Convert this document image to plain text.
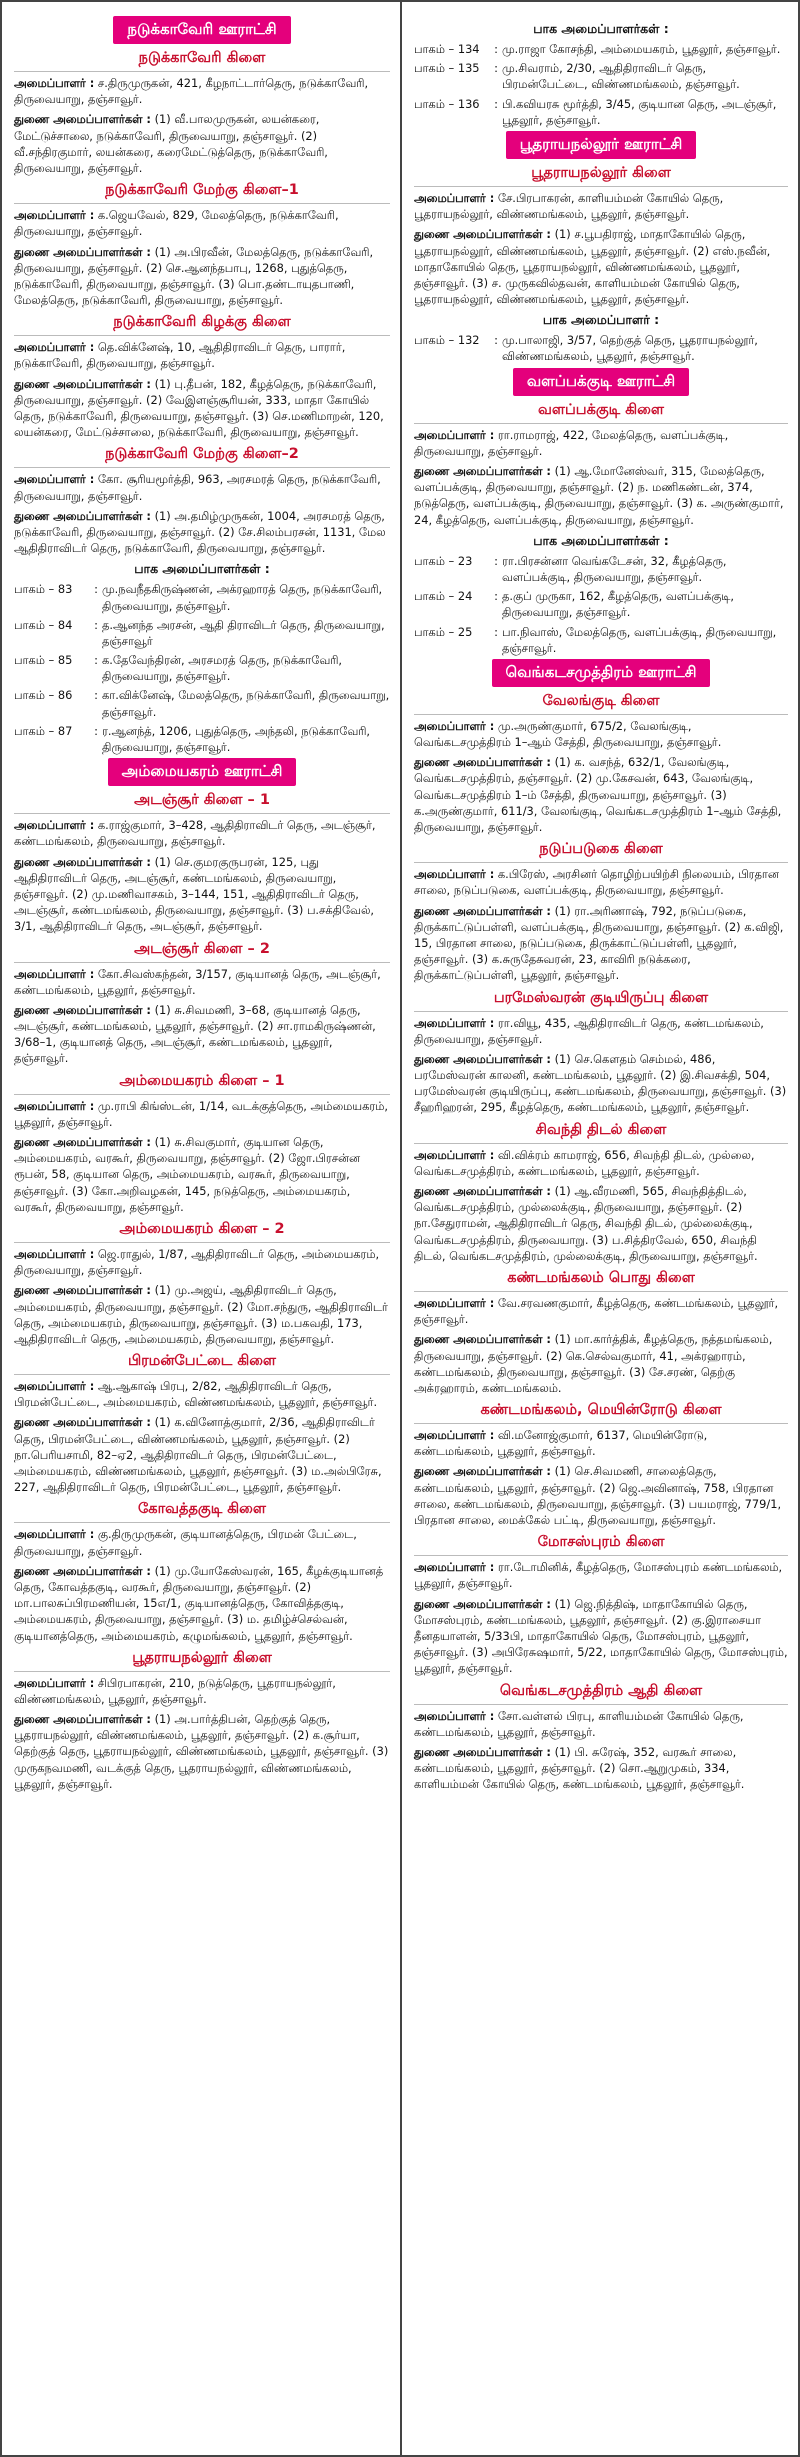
நடுக்காவேரி ஊராட்சி
நடுக்காவேரி கிளை
அமைப்பாளர் : ச.திருமுருகன், 421, கீழநாட்டார்தெரு, நடுக்காவேரி, திருவையாறு, தஞ்சாவூர்.
துணை அமைப்பாளர்கள் : (1) வீ.பாலமுருகன், லயன்கரை, மேட்டுச்சாலை, நடுக்காவேரி, திருவையாறு, தஞ்சாவூர். (2) வீ.சந்திரகுமார், லயன்கரை, கரைமேட்டுத்தெரு, நடுக்காவேரி, திருவையாறு, தஞ்சாவூர்.
நடுக்காவேரி மேற்கு கிளை–1
அமைப்பாளர் : க.ஜெயவேல், 829, மேலத்தெரு, நடுக்காவேரி, திருவையாறு, தஞ்சாவூர்.
துணை அமைப்பாளர்கள் : (1) அ.பிரவீன், மேலத்தெரு, நடுக்காவேரி, திருவையாறு, தஞ்சாவூர். (2) செ.ஆனந்தபாபு, 1268, புதுத்தெரு, நடுக்காவேரி, திருவையாறு, தஞ்சாவூர். (3) பொ.தண்டாயுதபாணி, மேலத்தெரு, நடுக்காவேரி, திருவையாறு, தஞ்சாவூர்.
நடுக்காவேரி கிழக்கு கிளை
அமைப்பாளர் : தெ.விக்னேஷ், 10, ஆதிதிராவிடர் தெரு, பாரார், நடுக்காவேரி, திருவையாறு, தஞ்சாவூர்.
துணை அமைப்பாளர்கள் : (1) பு.தீபன், 182, கீழத்தெரு, நடுக்காவேரி, திருவையாறு, தஞ்சாவூர். (2) வேஇளஞ்சூரியன், 333, மாதா கோயில் தெரு, நடுக்காவேரி, திருவையாறு, தஞ்சாவூர். (3) செ.மணிமாறன், 120, லயன்கரை, மேட்டுச்சாலை, நடுக்காவேரி, திருவையாறு, தஞ்சாவூர்.
நடுக்காவேரி மேற்கு கிளை–2
அமைப்பாளர் : கோ. சூரியமூர்த்தி, 963, அரசமரத் தெரு, நடுக்காவேரி, திருவையாறு, தஞ்சாவூர்.
துணை அமைப்பாளர்கள் : (1) அ.தமிழ்முருகன், 1004, அரசமரத் தெரு, நடுக்காவேரி, திருவையாறு, தஞ்சாவூர். (2) சே.சிலம்பரசன், 1131, மேல ஆதிதிராவிடர் தெரு, நடுக்காவேரி, திருவையாறு, தஞ்சாவூர்.
பாக அமைப்பாளர்கள் :
பாகம் – 83	: மு.நவநீதகிருஷ்ணன், அக்ரஹாரத் தெரு, நடுக்காவேரி, திருவையாறு, தஞ்சாவூர்.
பாகம் – 84	: த.ஆனந்த அரசன், ஆதி திராவிடர் தெரு, திருவையாறு, தஞ்சாவூர்
பாகம் – 85	: க.தேவேந்திரன், அரசமரத் தெரு, நடுக்காவேரி, திருவையாறு, தஞ்சாவூர்.
பாகம் – 86	: கா.விக்னேஷ், மேலத்தெரு, நடுக்காவேரி, திருவையாறு, தஞ்சாவூர்.
பாகம் – 87	: ர.ஆனந்த், 1206, புதுத்தெரு, அந்தலி, நடுக்காவேரி, திருவையாறு, தஞ்சாவூர்.
அம்மையகரம் ஊராட்சி
அடஞ்சூர் கிளை – 1
அமைப்பாளர் : க.ராஜ்குமார், 3–428, ஆதிதிராவிடர் தெரு, அடஞ்சூர், கண்டமங்கலம், திருவையாறு, தஞ்சாவூர்.
துணை அமைப்பாளர்கள் : (1) செ.குமரகுருபரன், 125, புது ஆதிதிராவிடர் தெரு, அடஞ்சூர், கண்டமங்கலம், திருவையாறு, தஞ்சாவூர். (2) மு.மணிவாசகம், 3–144, 151, ஆதிதிராவிடர் தெரு, அடஞ்சூர், கண்டமங்கலம், திருவையாறு, தஞ்சாவூர். (3) ப.சக்திவேல், 3/1, ஆதிதிராவிடர் தெரு, அடஞ்சூர், தஞ்சாவூர்.
அடஞ்சூர் கிளை – 2
அமைப்பாளர் : கோ.சிவஸ்கந்தன், 3/157, குடியானத் தெரு, அடஞ்சூர், கண்டமங்கலம், பூதலூர், தஞ்சாவூர்.
துணை அமைப்பாளர்கள் : (1) சு.சிவமணி, 3–68, குடியானத் தெரு, அடஞ்சூர், கண்டமங்கலம், பூதலூர், தஞ்சாவூர். (2) சா.ராமகிருஷ்ணன், 3/68–1, குடியானத் தெரு, அடஞ்சூர், கண்டமங்கலம், பூதலூர், தஞ்சாவூர்.
அம்மையகரம் கிளை – 1
அமைப்பாளர் : மு.ராபி கிங்ஸ்டன், 1/14, வடக்குத்தெரு, அம்மையகரம், பூதலூர், தஞ்சாவூர்.
துணை அமைப்பாளர்கள் : (1) சு.சிவகுமார், குடியான தெரு, அம்மையகரம், வரகூர், திருவையாறு, தஞ்சாவூர். (2) ஜோ.பிரசன்ன ரூபன், 58, குடியான தெரு, அம்மையகரம், வரகூர், திருவையாறு, தஞ்சாவூர். (3) கோ.அறிவழகன், 145, நடுத்தெரு, அம்மையகரம், வரகூர், திருவையாறு, தஞ்சாவூர்.
அம்மையகரம் கிளை – 2
அமைப்பாளர் : ஜெ.ராதுல், 1/87, ஆதிதிராவிடர் தெரு, அம்மையகரம், திருவையாறு, தஞ்சாவூர்.
துணை அமைப்பாளர்கள் : (1) மு.அஜய், ஆதிதிராவிடர் தெரு, அம்மையகரம், திருவையாறு, தஞ்சாவூர். (2) மோ.சந்துரு, ஆதிதிராவிடர் தெரு, அம்மையகரம், திருவையாறு, தஞ்சாவூர். (3) ம.பகவதி, 173, ஆதிதிராவிடர் தெரு, அம்மையகரம், திருவையாறு, தஞ்சாவூர்.
பிரமன்பேட்டை கிளை
அமைப்பாளர் : ஆ.ஆகாஷ் பிரபு, 2/82, ஆதிதிராவிடர் தெரு, பிரமன்பேட்டை, அம்மையகரம், விண்ணமங்கலம், பூதலூர், தஞ்சாவூர்.
துணை அமைப்பாளர்கள் : (1) க.வினோத்குமார், 2/36, ஆதிதிராவிடர் தெரு, பிரமன்பேட்டை, விண்ணமங்கலம், பூதலூர், தஞ்சாவூர். (2) நா.பெரியசாமி, 82–ஏ2, ஆதிதிராவிடர் தெரு, பிரமன்பேட்டை, அம்மையகரம், விண்ணமங்கலம், பூதலூர், தஞ்சாவூர். (3) ம.அல்பிரேசு, 227, ஆதிதிராவிடர் தெரு, பிரமன்பேட்டை, பூதலூர், தஞ்சாவூர்.
கோவத்தகுடி கிளை
அமைப்பாளர் : கு.திருமுருகன், குடியானத்தெரு, பிரமன் பேட்டை, திருவையாறு, தஞ்சாவூர்.
துணை அமைப்பாளர்கள் : (1) மு.யோகேஸ்வரன், 165, கீழக்குடியானத் தெரு, கோவத்தகுடி, வரகூர், திருவையாறு, தஞ்சாவூர். (2) மா.பாலசுப்பிரமணியன், 15எ/1, குடியானத்தெரு, கோவித்தகுடி, அம்மையகரம், திருவையாறு, தஞ்சாவூர். (3) ம. தமிழ்ச்செல்வன், குடியானத்தெரு, அம்மையகரம், கழுமங்கலம், பூதலூர், தஞ்சாவூர்.
பூதராயநல்லூர் கிளை
அமைப்பாளர் : சிபிரபாகரன், 210, நடுத்தெரு, பூதராயநல்லூர், விண்ணமங்கலம், பூதலூர், தஞ்சாவூர்.
துணை அமைப்பாளர்கள் : (1) அ.பார்த்திபன், தெற்குத் தெரு, பூதராயநல்லூர், விண்ணமங்கலம், பூதலூர், தஞ்சாவூர். (2) க.சூர்யா, தெற்குத் தெரு, பூதராயநல்லூர், விண்ணமங்கலம், பூதலூர், தஞ்சாவூர். (3) முருகநவமணி, வடக்குத் தெரு, பூதராயநல்லூர், விண்ணமங்கலம், பூதலூர், தஞ்சாவூர்.
பாக அமைப்பாளர்கள் :
பாகம் – 134	: மு.ராஜா கோசந்தி, அம்மையகரம், பூதலூர், தஞ்சாவூர்.
பாகம் – 135	: மு.சிவராம், 2/30, ஆதிதிராவிடர் தெரு, பிரமன்பேட்டை, விண்ணமங்கலம், தஞ்சாவூர்.
பாகம் – 136	: பி.கவியரசு மூர்த்தி, 3/45, குடியான தெரு, அடஞ்சூர், பூதலூர், தஞ்சாவூர்.
பூதராயநல்லூர் ஊராட்சி
பூதராயநல்லூர் கிளை
அமைப்பாளர் : சே.பிரபாகரன், காளியம்மன் கோயில் தெரு, பூதராயநல்லூர், விண்ணமங்கலம், பூதலூர், தஞ்சாவூர்.
துணை அமைப்பாளர்கள் : (1) ச.பூபதிராஜ், மாதாகோயில் தெரு, பூதராயநல்லூர், விண்ணமங்கலம், பூதலூர், தஞ்சாவூர். (2) எஸ்.நவீன், மாதாகோயில் தெரு, பூதராயநல்லூர், விண்ணமங்கலம், பூதலூர், தஞ்சாவூர். (3) ச. முருகவில்தவன், காளியம்மன் கோயில் தெரு, பூதராயநல்லூர், விண்ணமங்கலம், பூதலூர், தஞ்சாவூர்.
பாக அமைப்பாளர் :
பாகம் – 132	: மு.பாலாஜி, 3/57, தெற்குத் தெரு, பூதராயநல்லூர், விண்ணமங்கலம், பூதலூர், தஞ்சாவூர்.
வளப்பக்குடி ஊராட்சி
வளப்பக்குடி கிளை
அமைப்பாளர் : ரா.ராமராஜ், 422, மேலத்தெரு, வளப்பக்குடி, திருவையாறு, தஞ்சாவூர்.
துணை அமைப்பாளர்கள் : (1) ஆ.மோனேஸ்வர், 315, மேலத்தெரு, வளப்பக்குடி, திருவையாறு, தஞ்சாவூர். (2) ந. மணிகண்டன், 374, நடுத்தெரு, வளப்பக்குடி, திருவையாறு, தஞ்சாவூர். (3) க. அருண்குமார், 24, கீழத்தெரு, வளப்பக்குடி, திருவையாறு, தஞ்சாவூர்.
பாக அமைப்பாளர்கள் :
பாகம் – 23	: ரா.பிரசன்னா வெங்கடேசன், 32, கீழத்தெரு, வளப்பக்குடி, திருவையாறு, தஞ்சாவூர்.
பாகம் – 24	: த.குப் முருகா, 162, கீழத்தெரு, வளப்பக்குடி, திருவையாறு, தஞ்சாவூர்.
பாகம் – 25	: பா.நிவாஸ், மேலத்தெரு, வளப்பக்குடி, திருவையாறு, தஞ்சாவூர்.
வெங்கடசமுத்திரம் ஊராட்சி
வேலங்குடி கிளை
அமைப்பாளர் : மு.அருண்குமார், 675/2, வேலங்குடி, வெங்கடசமுத்திரம் 1–ஆம் சேத்தி, திருவையாறு, தஞ்சாவூர்.
துணை அமைப்பாளர்கள் : (1) க. வசந்த், 632/1, வேலங்குடி, வெங்கடசமுத்திரம், தஞ்சாவூர். (2) மு.கேசவன், 643, வேலங்குடி, வெங்கடசமுத்திரம் 1–ம் சேத்தி, திருவையாறு, தஞ்சாவூர். (3) க.அருண்குமார், 611/3, வேலங்குடி, வெங்கடசமுத்திரம் 1–ஆம் சேத்தி, திருவையாறு, தஞ்சாவூர்.
நடுப்படுகை கிளை
அமைப்பாளர் : க.பிரேஸ், அரசினர் தொழிற்பயிற்சி நிலையம், பிரதான சாலை, நடுப்படுகை, வளப்பக்குடி, திருவையாறு, தஞ்சாவூர்.
துணை அமைப்பாளர்கள் : (1) ரா.அரிணாஷ், 792, நடுப்படுகை, திருக்காட்டுப்பள்ளி, வளப்பக்குடி, திருவையாறு, தஞ்சாவூர். (2) க.விஜி, 15, பிரதான சாலை, நடுப்படுகை, திருக்காட்டுப்பள்ளி, பூதலூர், தஞ்சாவூர். (3) க.சுருதேசுவரன், 23, காவிரி நடுக்கரை, திருக்காட்டுப்பள்ளி, பூதலூர், தஞ்சாவூர்.
பரமேஸ்வரன் குடியிருப்பு கிளை
அமைப்பாளர் : ரா.வியூ, 435, ஆதிதிராவிடர் தெரு, கண்டமங்கலம், திருவையாறு, தஞ்சாவூர்.
துணை அமைப்பாளர்கள் : (1) செ.கௌதம் செம்மல், 486, பரமேஸ்வரன் காலனி, கண்டமங்கலம், பூதலூர். (2) இ.சிவசக்தி, 504, பரமேஸ்வரன் குடியிருப்பு, கண்டமங்கலம், திருவையாறு, தஞ்சாவூர். (3) சீஹரிஹரன், 295, கீழத்தெரு, கண்டமங்கலம், பூதலூர், தஞ்சாவூர்.
சிவந்தி திடல் கிளை
அமைப்பாளர் : வி.விக்ரம் காமராஜ், 656, சிவந்தி திடல், முல்லை, வெங்கடசமுத்திரம், கண்டமங்கலம், பூதலூர், தஞ்சாவூர்.
துணை அமைப்பாளர்கள் : (1) ஆ.வீரமணி, 565, சிவந்தித்திடல், வெங்கடசமுத்திரம், முல்லைக்குடி, திருவையாறு, தஞ்சாவூர். (2) நா.சேதுராமன், ஆதிதிராவிடர் தெரு, சிவந்தி திடல், முல்லைக்குடி, வெங்கடசமுத்திரம், திருவையாறு. (3) ப.சித்திரவேல், 650, சிவந்தி திடல், வெங்கடசமுத்திரம், முல்லைக்குடி, திருவையாறு, தஞ்சாவூர்.
கண்டமங்கலம் பொது கிளை
அமைப்பாளர் : வே.சரவணகுமார், கீழத்தெரு, கண்டமங்கலம், பூதலூர், தஞ்சாவூர்.
துணை அமைப்பாளர்கள் : (1) மா.கார்த்திக், கீழத்தெரு, நத்தமங்கலம், திருவையாறு, தஞ்சாவூர். (2) கெ.செல்வகுமார், 41, அக்ரஹாரம், கண்டமங்கலம், திருவையாறு, தஞ்சாவூர். (3) சே.சரண், தெற்கு அக்ரஹாரம், கண்டமங்கலம்.
கண்டமங்கலம், மெயின்ரோடு கிளை
அமைப்பாளர் : வி.மனோஜ்குமார், 6137, மெயின்ரோடு, கண்டமங்கலம், பூதலூர், தஞ்சாவூர்.
துணை அமைப்பாளர்கள் : (1) செ.சிவமணி, சாலைத்தெரு, கண்டமங்கலம், பூதலூர், தஞ்சாவூர். (2) ஜெ.அவினாஷ், 758, பிரதான சாலை, கண்டமங்கலம், திருவையாறு, தஞ்சாவூர். (3) பயமராஜ், 779/1, பிரதான சாலை, மைக்கேல் பட்டி, திருவையாறு, தஞ்சாவூர்.
மோசஸ்புரம் கிளை
அமைப்பாளர் : ரா.டோமினிக், கீழத்தெரு, மோசஸ்புரம் கண்டமங்கலம், பூதலூர், தஞ்சாவூர்.
துணை அமைப்பாளர்கள் : (1) ஜெ.நித்திஷ், மாதாகோயில் தெரு, மோசஸ்புரம், கண்டமங்கலம், பூதலூர், தஞ்சாவூர். (2) கு.இராசையா தீனதயாளன், 5/33பி, மாதாகோயில் தெரு, மோசஸ்புரம், பூதலூர், தஞ்சாவூர். (3) அபிரேசுஷமார், 5/22, மாதாகோயில் தெரு, மோசஸ்புரம், பூதலூர், தஞ்சாவூர்.
வெங்கடசமுத்திரம் ஆதி கிளை
அமைப்பாளர் : சோ.வள்ளல் பிரபு, காளியம்மன் கோயில் தெரு, கண்டமங்கலம், பூதலூர், தஞ்சாவூர்.
துணை அமைப்பாளர்கள் : (1) பி. சுரேஷ், 352, வரகூர் சாலை, கண்டமங்கலம், பூதலூர், தஞ்சாவூர். (2) சொ.ஆறுமுகம், 334, காளியம்மன் கோயில் தெரு, கண்டமங்கலம், பூதலூர், தஞ்சாவூர்.
